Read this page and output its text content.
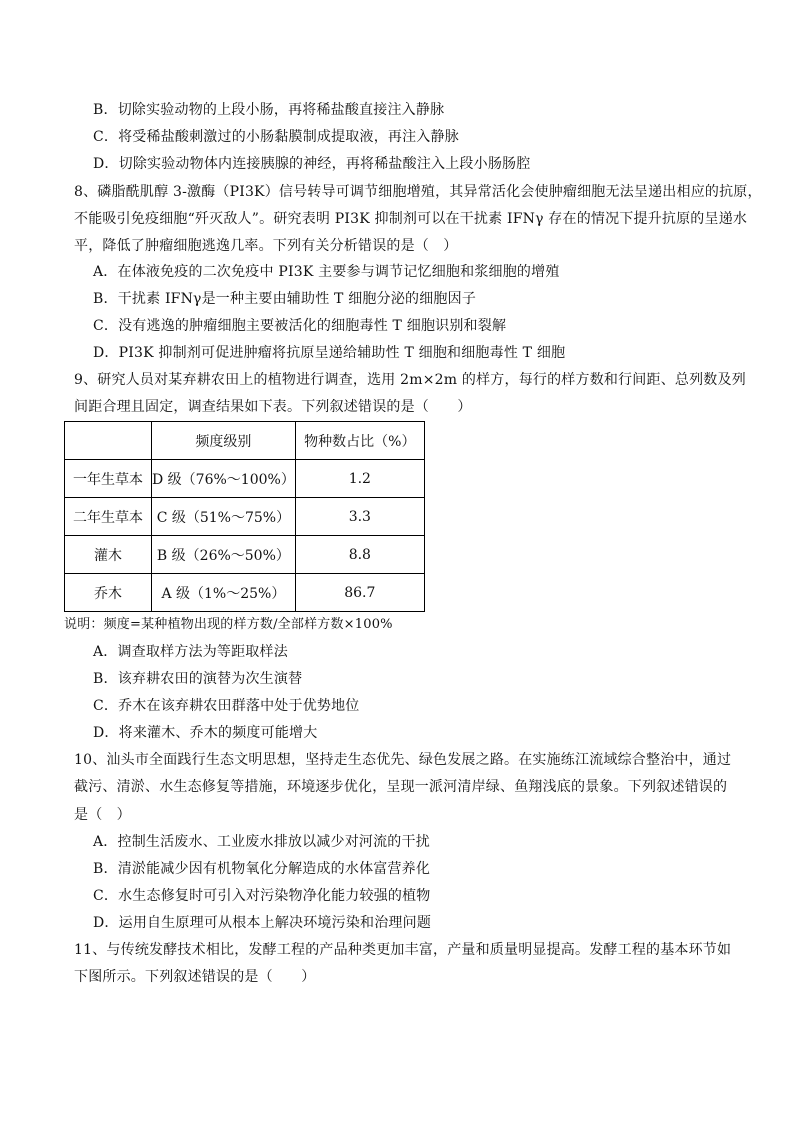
B．切除实验动物的上段小肠，再将稀盐酸直接注入静脉
C．将受稀盐酸刺激过的小肠黏膜制成提取液，再注入静脉
D．切除实验动物体内连接胰腺的神经，再将稀盐酸注入上段小肠肠腔
8、磷脂酰肌醇 3-激酶（PI3K）信号转导可调节细胞增殖，其异常活化会使肿瘤细胞无法呈递出相应的抗原，
不能吸引免疫细胞“歼灭敌人”。研究表明 PI3K 抑制剂可以在干扰素 IFNγ 存在的情况下提升抗原的呈递水
平，降低了肿瘤细胞逃逸几率。下列有关分析错误的是（　）
A．在体液免疫的二次免疫中 PI3K 主要参与调节记忆细胞和浆细胞的增殖
B．干扰素 IFNγ是一种主要由辅助性 T 细胞分泌的细胞因子
C．没有逃逸的肿瘤细胞主要被活化的细胞毒性 T 细胞识别和裂解
D．PI3K 抑制剂可促进肿瘤将抗原呈递给辅助性 T 细胞和细胞毒性 T 细胞
9、研究人员对某弃耕农田上的植物进行调查，选用 2m×2m 的样方，每行的样方数和行间距、总列数及列
间距合理且固定，调查结果如下表。下列叙述错误的是（　　）
	频度级别	物种数占比（%）
一年生草本	D 级（76%～100%）	1.2
二年生草本	C 级（51%～75%）	3.3
灌木	B 级（26%～50%）	8.8
乔木	A 级（1%～25%）	86.7
说明：频度=某种植物出现的样方数/全部样方数×100%
A．调查取样方法为等距取样法
B．该弃耕农田的演替为次生演替
C．乔木在该弃耕农田群落中处于优势地位
D．将来灌木、乔木的频度可能增大
10、汕头市全面践行生态文明思想，坚持走生态优先、绿色发展之路。在实施练江流域综合整治中，通过
截污、清淤、水生态修复等措施，环境逐步优化，呈现一派河清岸绿、鱼翔浅底的景象。下列叙述错误的
是（　）
A．控制生活废水、工业废水排放以减少对河流的干扰
B．清淤能减少因有机物氧化分解造成的水体富营养化
C．水生态修复时可引入对污染物净化能力较强的植物
D．运用自生原理可从根本上解决环境污染和治理问题
11、与传统发酵技术相比，发酵工程的产品种类更加丰富，产量和质量明显提高。发酵工程的基本环节如
下图所示。下列叙述错误的是（　　）
